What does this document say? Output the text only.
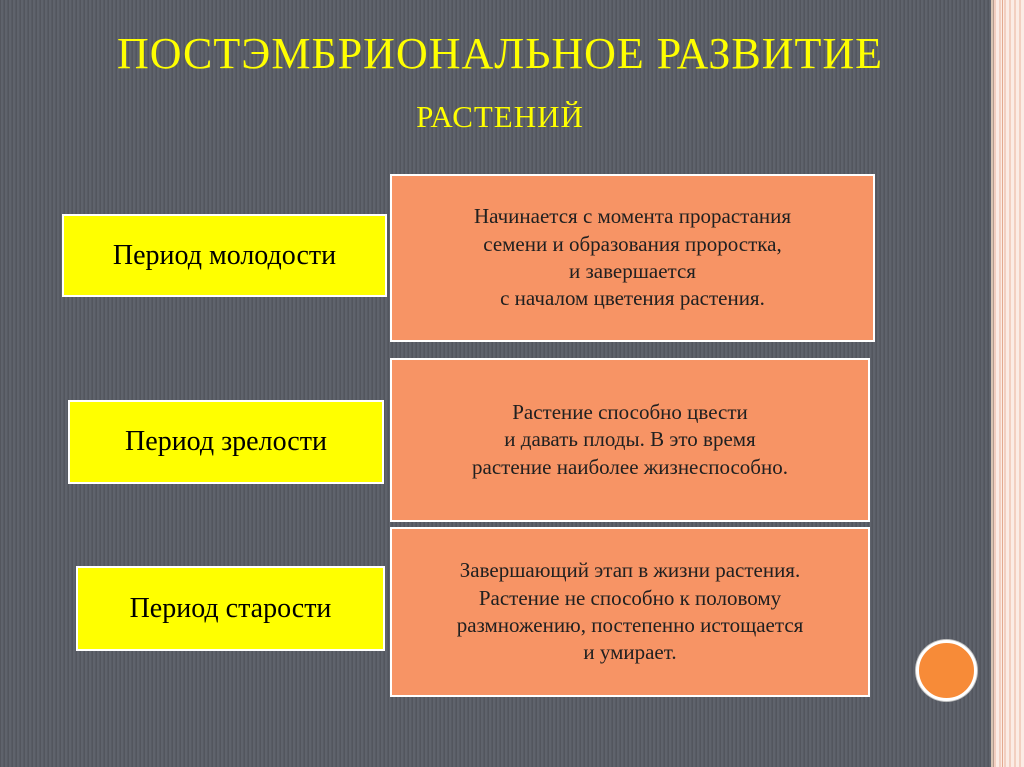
ПОСТЭМБРИОНАЛЬНОЕ РАЗВИТИЕ
растений
Период молодости
Начинается с момента прорастания
семени и образования проростка,
и завершается
с началом цветения растения.
Период зрелости
Растение способно цвести
и давать плоды. В это время
растение наиболее жизнеспособно.
Период старости
Завершающий этап в жизни растения.
Растение не способно к половому
размножению, постепенно истощается
и умирает.
